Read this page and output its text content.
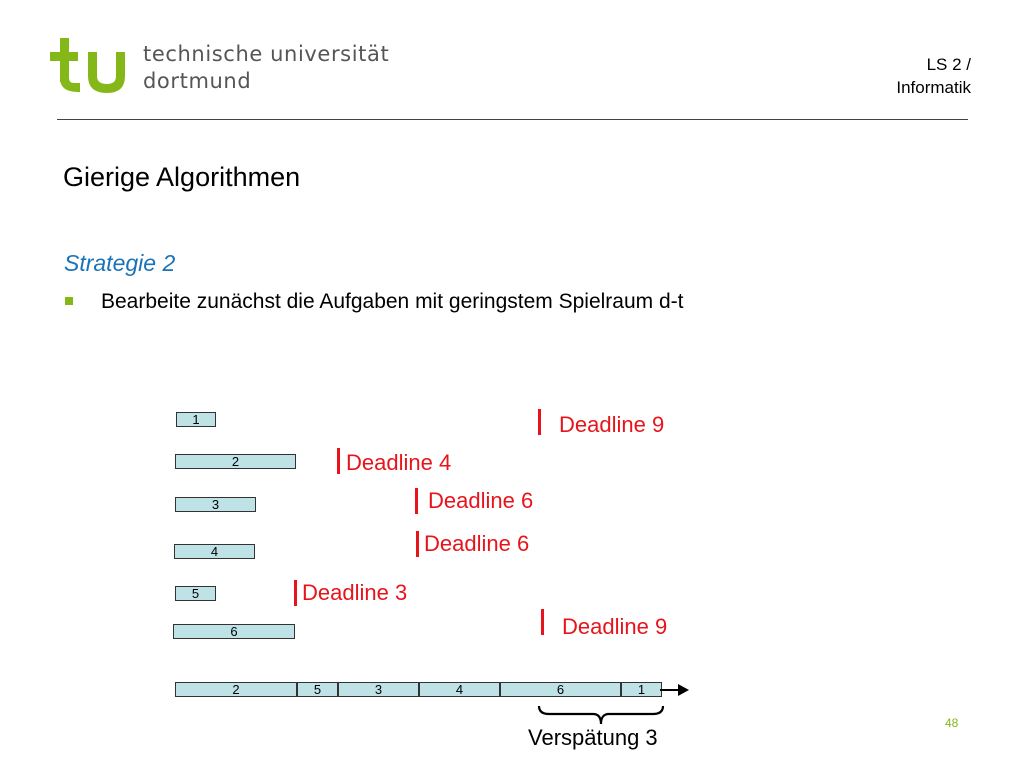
technische universität
dortmund
LS 2 /
Informatik
Gierige Algorithmen
Strategie 2
Bearbeite zunächst die Aufgaben mit geringstem Spielraum d-t
1
2
3
4
5
6
Deadline 9
Deadline 4
Deadline 6
Deadline 6
Deadline 3
Deadline 9
2	5	3	4	6	1
Verspätung 3
48
